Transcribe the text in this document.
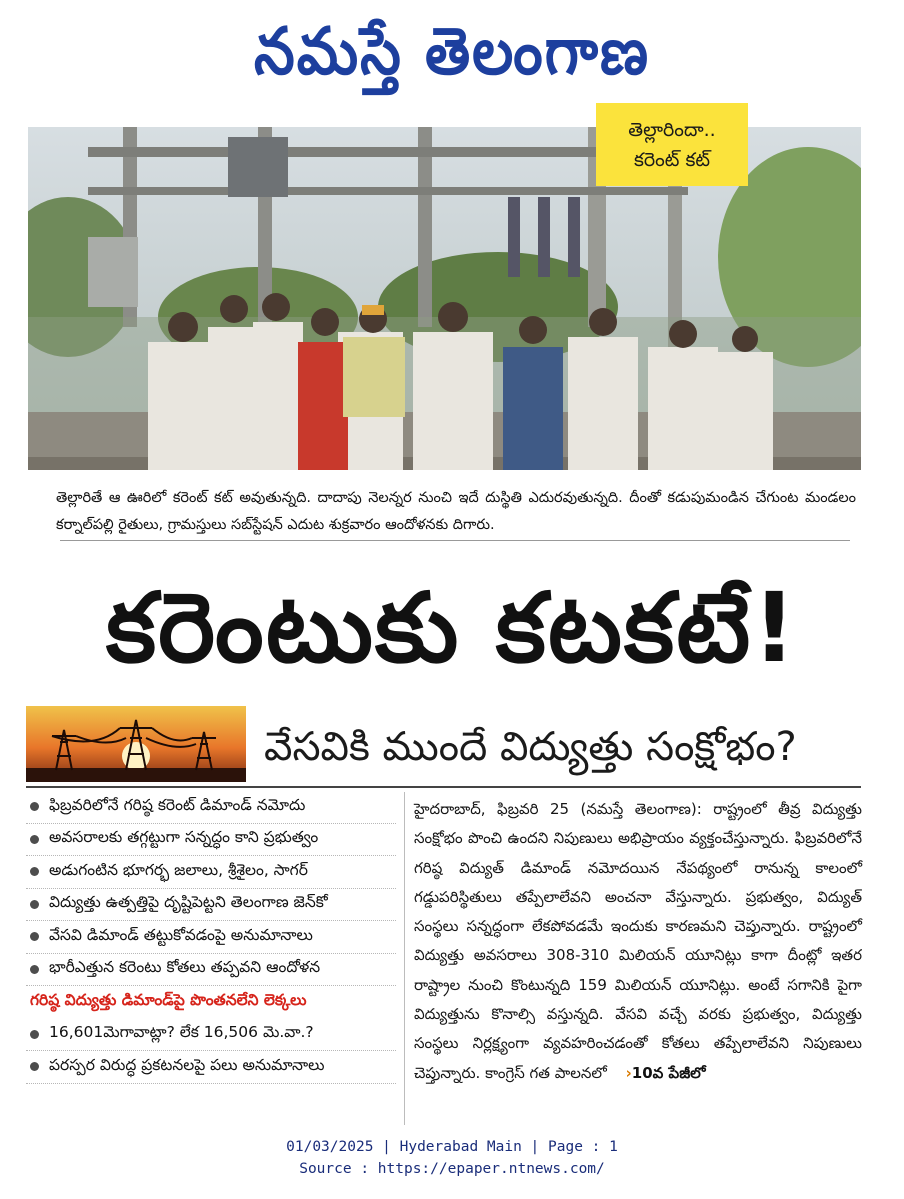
నమస్తే తెలంగాణ
తెల్లారిందా..
కరెంట్ కట్
తెల్లారితే ఆ ఊరిలో కరెంట్ కట్ అవుతున్నది. దాదాపు నెలన్నర నుంచి ఇదే దుస్థితి ఎదురవుతున్నది. దీంతో కడుపుమండిన చేగుంట మండలం కర్నాల్‌పల్లి రైతులు, గ్రామస్తులు సబ్‌స్టేషన్ ఎదుట శుక్రవారం ఆందోళనకు దిగారు.
కరెంటుకు కటకటే!
వేసవికి ముందే విద్యుత్తు సంక్షోభం?
ఫిబ్రవరిలోనే గరిష్ఠ కరెంట్ డిమాండ్ నమోదు
అవసరాలకు తగ్గట్టుగా సన్నద్ధం కాని ప్రభుత్వం
అడుగంటిన భూగర్భ జలాలు, శ్రీశైలం, సాగర్
విద్యుత్తు ఉత్పత్తిపై దృష్టిపెట్టని తెలంగాణ జెన్‌కో
వేసవి డిమాండ్ తట్టుకోవడంపై అనుమానాలు
భారీఎత్తున కరెంటు కోతలు తప్పవని ఆందోళన
గరిష్ఠ విద్యుత్తు డిమాండ్‌పై పొంతనలేని లెక్కలు
16,601మెగావాట్లా? లేక 16,506 మె.వా.?
పరస్పర విరుద్ధ ప్రకటనలపై పలు అనుమానాలు
హైదరాబాద్, ఫిబ్రవరి 25 (నమస్తే తెలంగాణ): రాష్ట్రంలో తీవ్ర విద్యుత్తు సంక్షోభం పొంచి ఉందని నిపుణులు అభిప్రాయం వ్యక్తంచేస్తున్నారు. ఫిబ్రవరిలోనే గరిష్ఠ విద్యుత్ డిమాండ్ నమోదయిన నేపథ్యంలో రానున్న కాలంలో గడ్డుపరిస్థితులు తప్పేలాలేవని అంచనా వేస్తున్నారు. ప్రభుత్వం, విద్యుత్ సంస్థలు సన్నద్ధంగా లేకపోవడమే ఇందుకు కారణమని చెప్తున్నారు. రాష్ట్రంలో విద్యుత్తు అవసరాలు 308-310 మిలియన్ యూనిట్లు కాగా దీంట్లో ఇతర రాష్ట్రాల నుంచి కొంటున్నది 159 మిలియన్ యూనిట్లు. అంటే సగానికి పైగా విద్యుత్తును కొనాల్సి వస్తున్నది. వేసవి వచ్చే వరకు ప్రభుత్వం, విద్యుత్తు సంస్థలు నిర్లక్ష్యంగా వ్యవహరించడంతో కోతలు తప్పేలాలేవని నిపుణులు చెప్తున్నారు. కాంగ్రెస్ గత పాలనలో ›10వ పేజీలో
01/03/2025 | Hyderabad Main | Page : 1
Source : https://epaper.ntnews.com/
